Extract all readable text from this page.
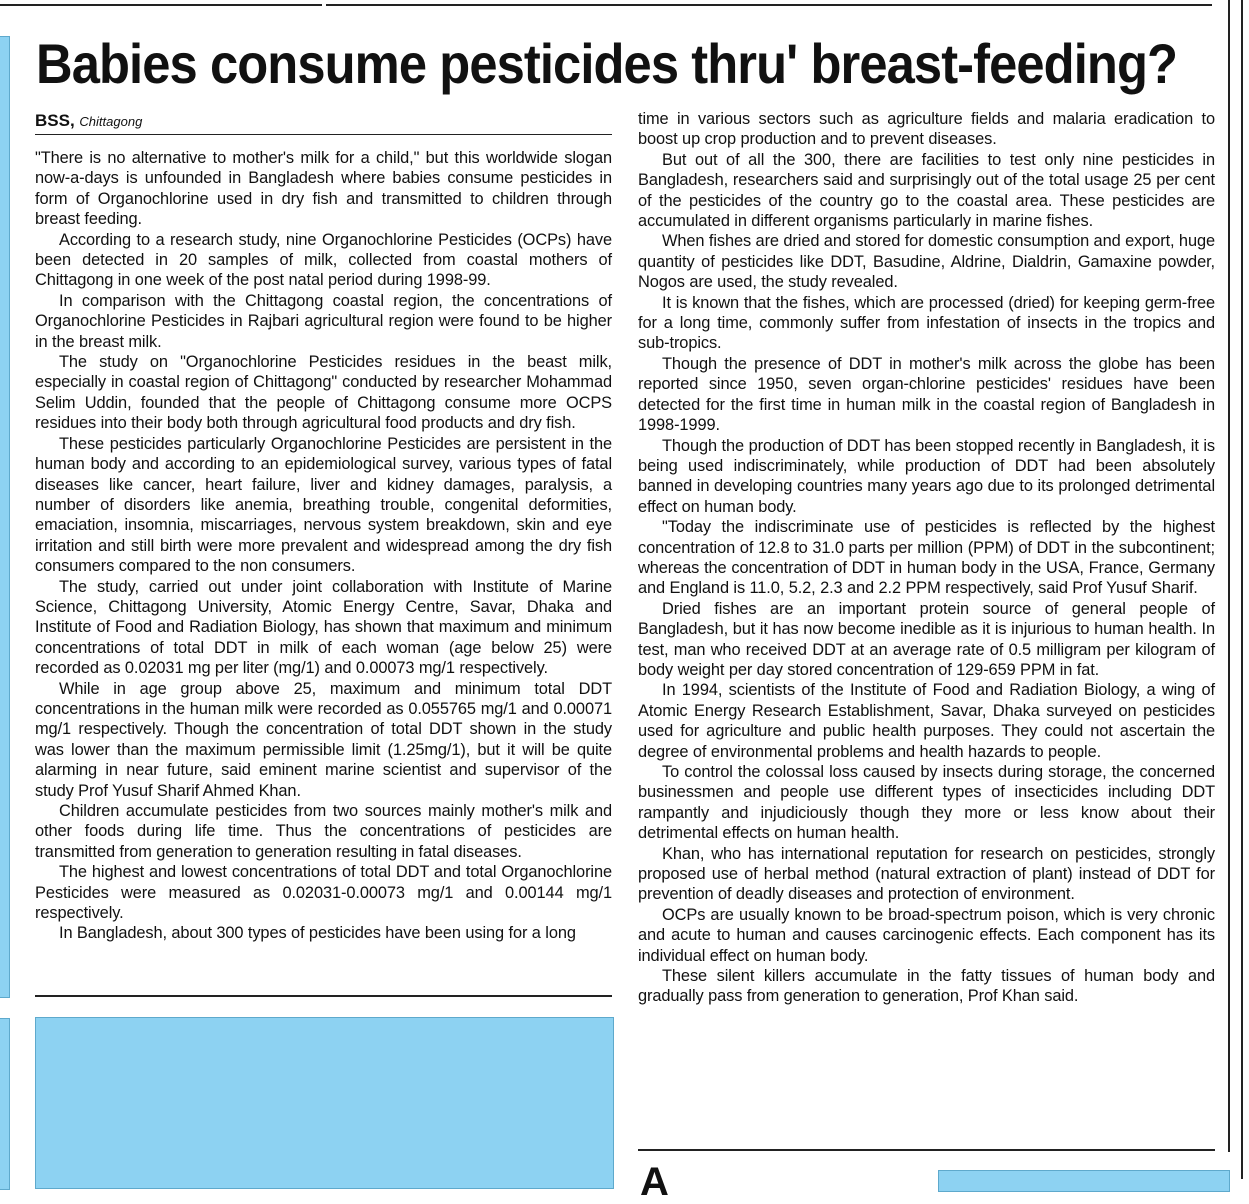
Babies consume pesticides thru' breast-feeding?
BSS, Chittagong

"There is no alternative to mother's milk for a child," but this worldwide slogan now-a-days is unfounded in Bangladesh where babies consume pesticides in form of Organochlorine used in dry fish and transmitted to children through breast feeding.

According to a research study, nine Organochlorine Pesticides (OCPs) have been detected in 20 samples of milk, collected from coastal mothers of Chittagong in one week of the post natal period during 1998-99.

In comparison with the Chittagong coastal region, the concentrations of Organochlorine Pesticides in Rajbari agricultural region were found to be higher in the breast milk.

The study on "Organochlorine Pesticides residues in the beast milk, especially in coastal region of Chittagong" conducted by researcher Mohammad Selim Uddin, founded that the people of Chittagong consume more OCPS residues into their body both through agricultural food products and dry fish.

These pesticides particularly Organochlorine Pesticides are persistent in the human body and according to an epidemiological survey, various types of fatal diseases like cancer, heart failure, liver and kidney damages, paralysis, a number of disorders like anemia, breathing trouble, congenital deformities, emaciation, insomnia, miscarriages, nervous system breakdown, skin and eye irritation and still birth were more prevalent and widespread among the dry fish consumers compared to the non consumers.

The study, carried out under joint collaboration with Institute of Marine Science, Chittagong University, Atomic Energy Centre, Savar, Dhaka and Institute of Food and Radiation Biology, has shown that maximum and minimum concentrations of total DDT in milk of each woman (age below 25) were recorded as 0.02031 mg per liter (mg/1) and 0.00073 mg/1 respectively.

While in age group above 25, maximum and minimum total DDT concentrations in the human milk were recorded as 0.055765 mg/1 and 0.00071 mg/1 respectively. Though the concentration of total DDT shown in the study was lower than the maximum permissible limit (1.25mg/1), but it will be quite alarming in near future, said eminent marine scientist and supervisor of the study Prof Yusuf Sharif Ahmed Khan.

Children accumulate pesticides from two sources mainly mother's milk and other foods during life time. Thus the concentrations of pesticides are transmitted from generation to generation resulting in fatal diseases.

The highest and lowest concentrations of total DDT and total Organochlorine Pesticides were measured as 0.02031-0.00073 mg/1 and 0.00144 mg/1 respectively.

In Bangladesh, about 300 types of pesticides have been using for a long

time in various sectors such as agriculture fields and malaria eradication to boost up crop production and to prevent diseases.

But out of all the 300, there are facilities to test only nine pesticides in Bangladesh, researchers said and surprisingly out of the total usage 25 per cent of the pesticides of the country go to the coastal area. These pesticides are accumulated in different organisms particularly in marine fishes.

When fishes are dried and stored for domestic consumption and export, huge quantity of pesticides like DDT, Basudine, Aldrine, Dialdrin, Gamaxine powder, Nogos are used, the study revealed.

It is known that the fishes, which are processed (dried) for keeping germ-free for a long time, commonly suffer from infestation of insects in the tropics and sub-tropics.

Though the presence of DDT in mother's milk across the globe has been reported since 1950, seven organ-chlorine pesticides' residues have been detected for the first time in human milk in the coastal region of Bangladesh in 1998-1999.

Though the production of DDT has been stopped recently in Bangladesh, it is being used indiscriminately, while production of DDT had been absolutely banned in developing countries many years ago due to its prolonged detrimental effect on human body.

"Today the indiscriminate use of pesticides is reflected by the highest concentration of 12.8 to 31.0 parts per million (PPM) of DDT in the subcontinent; whereas the concentration of DDT in human body in the USA, France, Germany and England is 11.0, 5.2, 2.3 and 2.2 PPM respectively, said Prof Yusuf Sharif.

Dried fishes are an important protein source of general people of Bangladesh, but it has now become inedible as it is injurious to human health. In test, man who received DDT at an average rate of 0.5 milligram per kilogram of body weight per day stored concentration of 129-659 PPM in fat.

In 1994, scientists of the Institute of Food and Radiation Biology, a wing of Atomic Energy Research Establishment, Savar, Dhaka surveyed on pesticides used for agriculture and public health purposes. They could not ascertain the degree of environmental problems and health hazards to people.

To control the colossal loss caused by insects during storage, the concerned businessmen and people use different types of insecticides including DDT rampantly and injudiciously though they more or less know about their detrimental effects on human health.

Khan, who has international reputation for research on pesticides, strongly proposed use of herbal method (natural extraction of plant) instead of DDT for prevention of deadly diseases and protection of environment.

OCPs are usually known to be broad-spectrum poison, which is very chronic and acute to human and causes carcinogenic effects. Each component has its individual effect on human body.

These silent killers accumulate in the fatty tissues of human body and gradually pass from generation to generation, Prof Khan said.

A
